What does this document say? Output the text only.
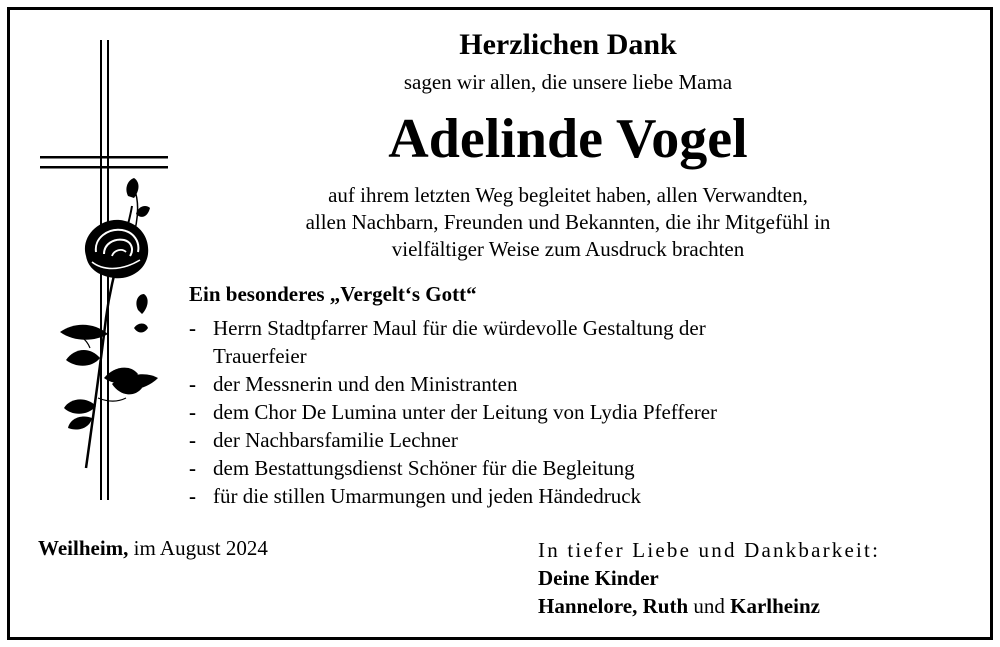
Herzlichen Dank
sagen wir allen, die unsere liebe Mama
Adelinde Vogel
auf ihrem letzten Weg begleitet haben, allen Verwandten,
allen Nachbarn, Freunden und Bekannten, die ihr Mitgefühl in
vielfältiger Weise zum Ausdruck brachten
Ein besonderes „Vergelt‘s Gott“
- Herrn Stadtpfarrer Maul für die würdevolle Gestaltung der
Trauerfeier
- der Messnerin und den Ministranten
- dem Chor De Lumina unter der Leitung von Lydia Pfefferer
- der Nachbarsfamilie Lechner
- dem Bestattungsdienst Schöner für die Begleitung
- für die stillen Umarmungen und jeden Händedruck
Weilheim, im August 2024	In tiefer Liebe und Dankbarkeit:
Deine Kinder
Hannelore, Ruth und Karlheinz
